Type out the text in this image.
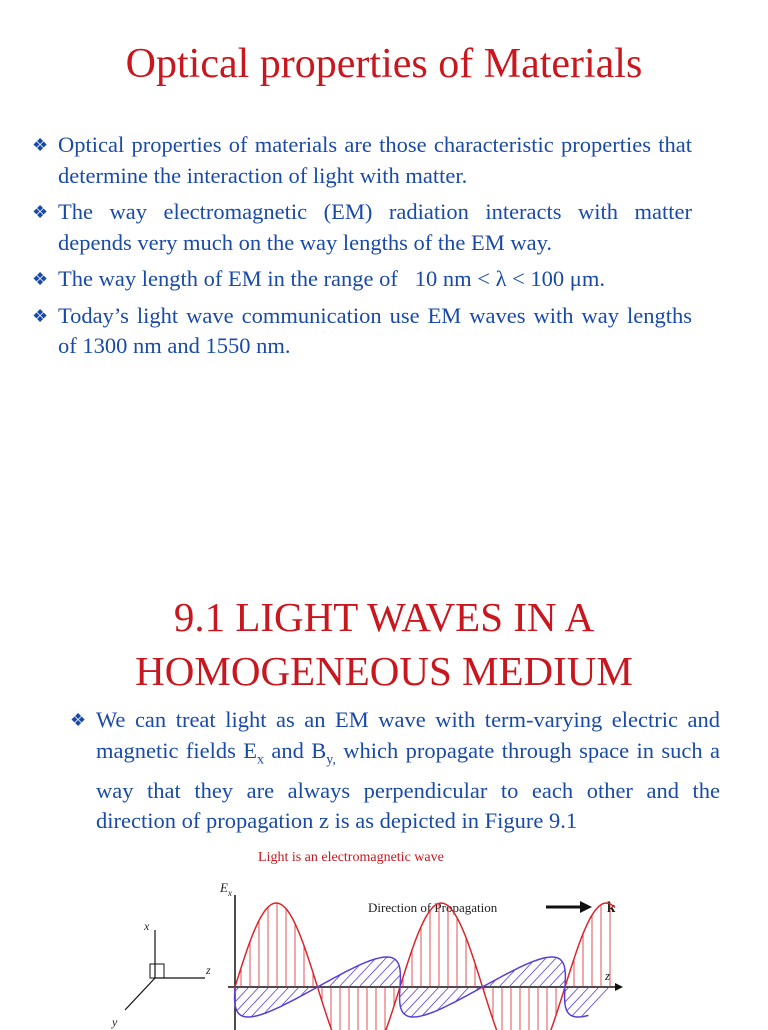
Optical properties of Materials
❖ Optical properties of materials are those characteristic properties that determine the interaction of light with matter.
❖ The way electromagnetic (EM) radiation interacts with matter depends very much on the way lengths of the EM way.
❖ The way length of EM in the range of   10 nm < λ < 100 μm.
❖ Today’s light wave communication use EM waves with way lengths of 1300 nm and 1550 nm.
9.1 LIGHT WAVES IN A
HOMOGENEOUS MEDIUM
❖ We can treat light as an EM wave with term-varying electric and magnetic fields $E_x$ and $B_{y,}$ which propagate through space in such a way that they are always perpendicular to each other and the direction of propagation z is as depicted in Figure 9.1
Light is an electromagnetic wave
$E_x$
z
x
z
y
Direction of Propagation	k
